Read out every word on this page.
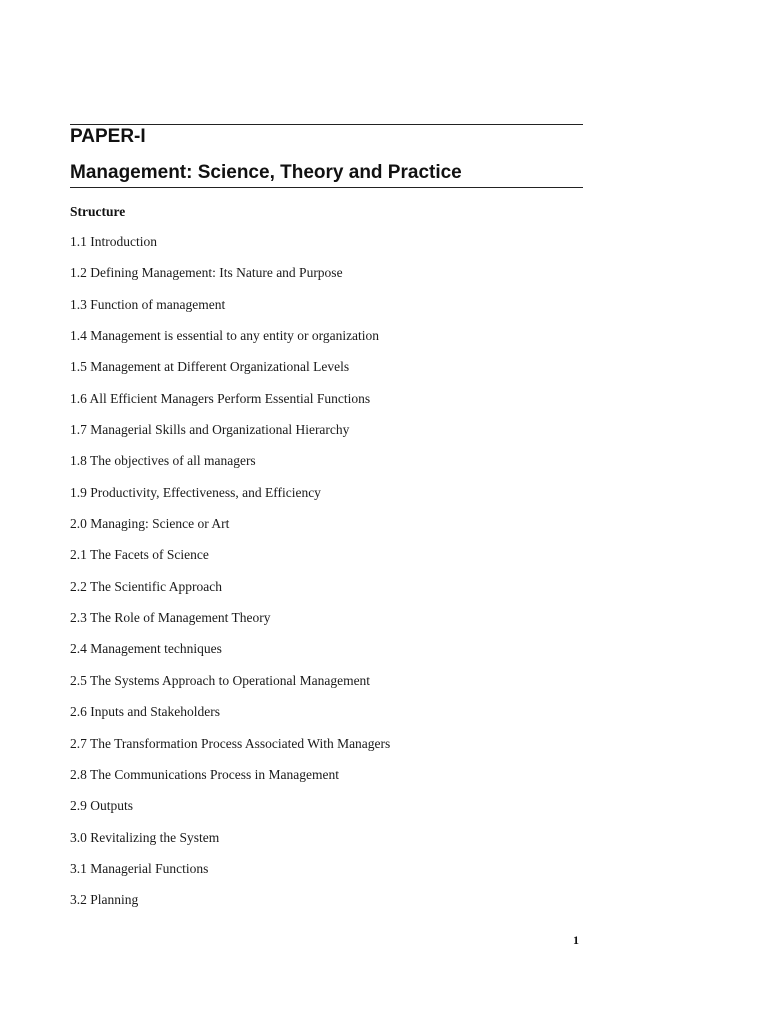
PAPER-I
Management: Science, Theory and Practice
Structure
1.1 Introduction
1.2 Defining Management: Its Nature and Purpose
1.3 Function of management
1.4 Management is essential to any entity or organization
1.5 Management at Different Organizational Levels
1.6 All Efficient Managers Perform Essential Functions
1.7 Managerial Skills and Organizational Hierarchy
1.8 The objectives of all managers
1.9 Productivity, Effectiveness, and Efficiency
2.0 Managing: Science or Art
2.1 The Facets of Science
2.2 The Scientific Approach
2.3 The Role of Management Theory
2.4 Management techniques
2.5 The Systems Approach to Operational Management
2.6 Inputs and Stakeholders
2.7 The Transformation Process Associated With Managers
2.8 The Communications Process in Management
2.9 Outputs
3.0 Revitalizing the System
3.1 Managerial Functions
3.2 Planning
1
